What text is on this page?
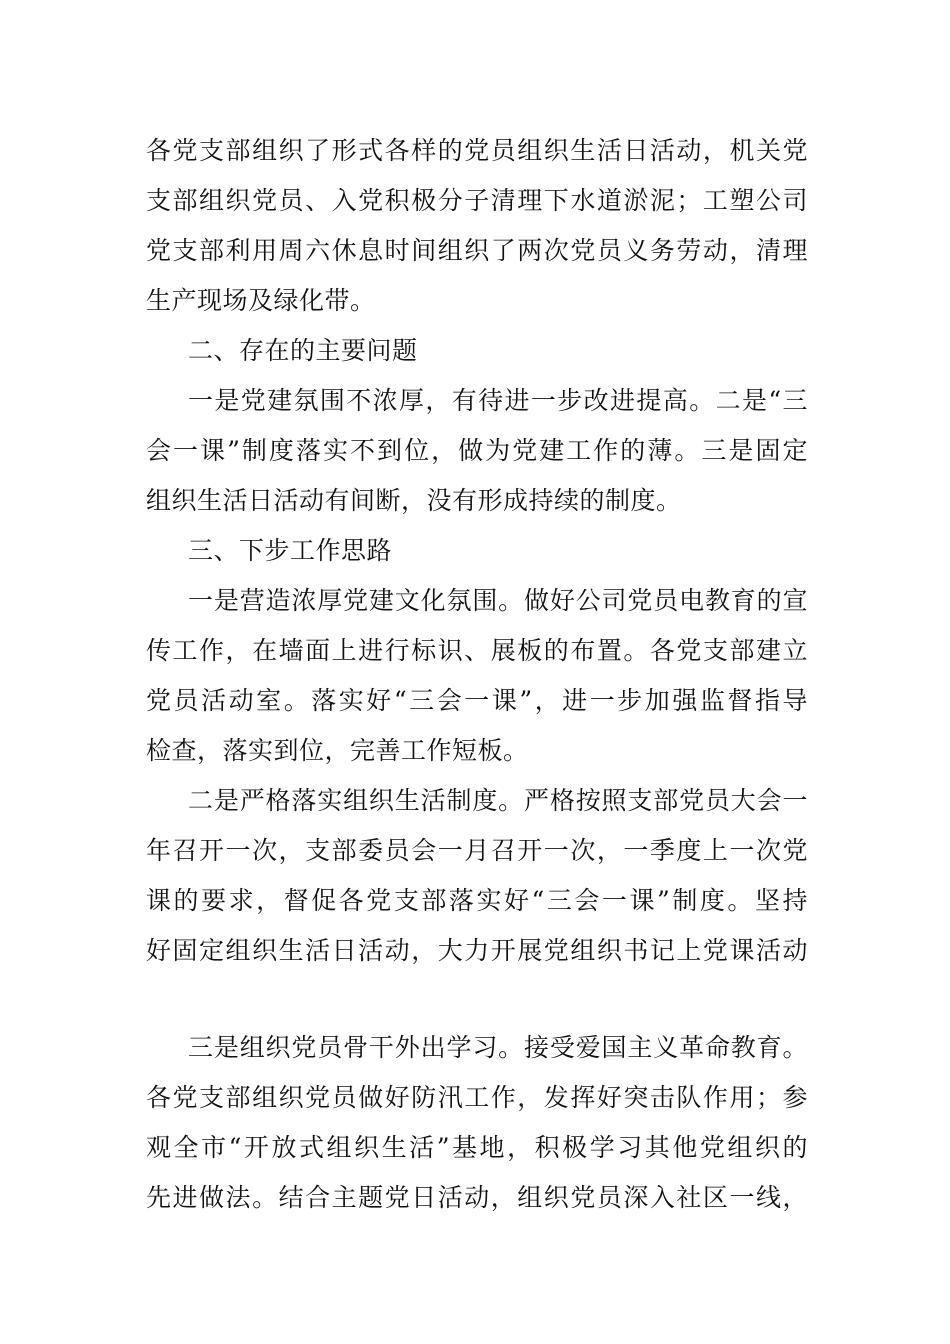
各党支部组织了形式各样的党员组织生活日活动，机关党
支部组织党员、入党积极分子清理下水道淤泥；工塑公司
党支部利用周六休息时间组织了两次党员义务劳动，清理
生产现场及绿化带。
二、存在的主要问题
一是党建氛围不浓厚，有待进一步改进提高。二是“三
会一课”制度落实不到位，做为党建工作的薄。三是固定
组织生活日活动有间断，没有形成持续的制度。
三、下步工作思路
一是营造浓厚党建文化氛围。做好公司党员电教育的宣
传工作，在墙面上进行标识、展板的布置。各党支部建立
党员活动室。落实好“三会一课”，进一步加强监督指导
检查，落实到位，完善工作短板。
二是严格落实组织生活制度。严格按照支部党员大会一
年召开一次，支部委员会一月召开一次，一季度上一次党
课的要求，督促各党支部落实好“三会一课”制度。坚持
好固定组织生活日活动，大力开展党组织书记上党课活动
三是组织党员骨干外出学习。接受爱国主义革命教育。
各党支部组织党员做好防汛工作，发挥好突击队作用；参
观全市“开放式组织生活”基地，积极学习其他党组织的
先进做法。结合主题党日活动，组织党员深入社区一线，
